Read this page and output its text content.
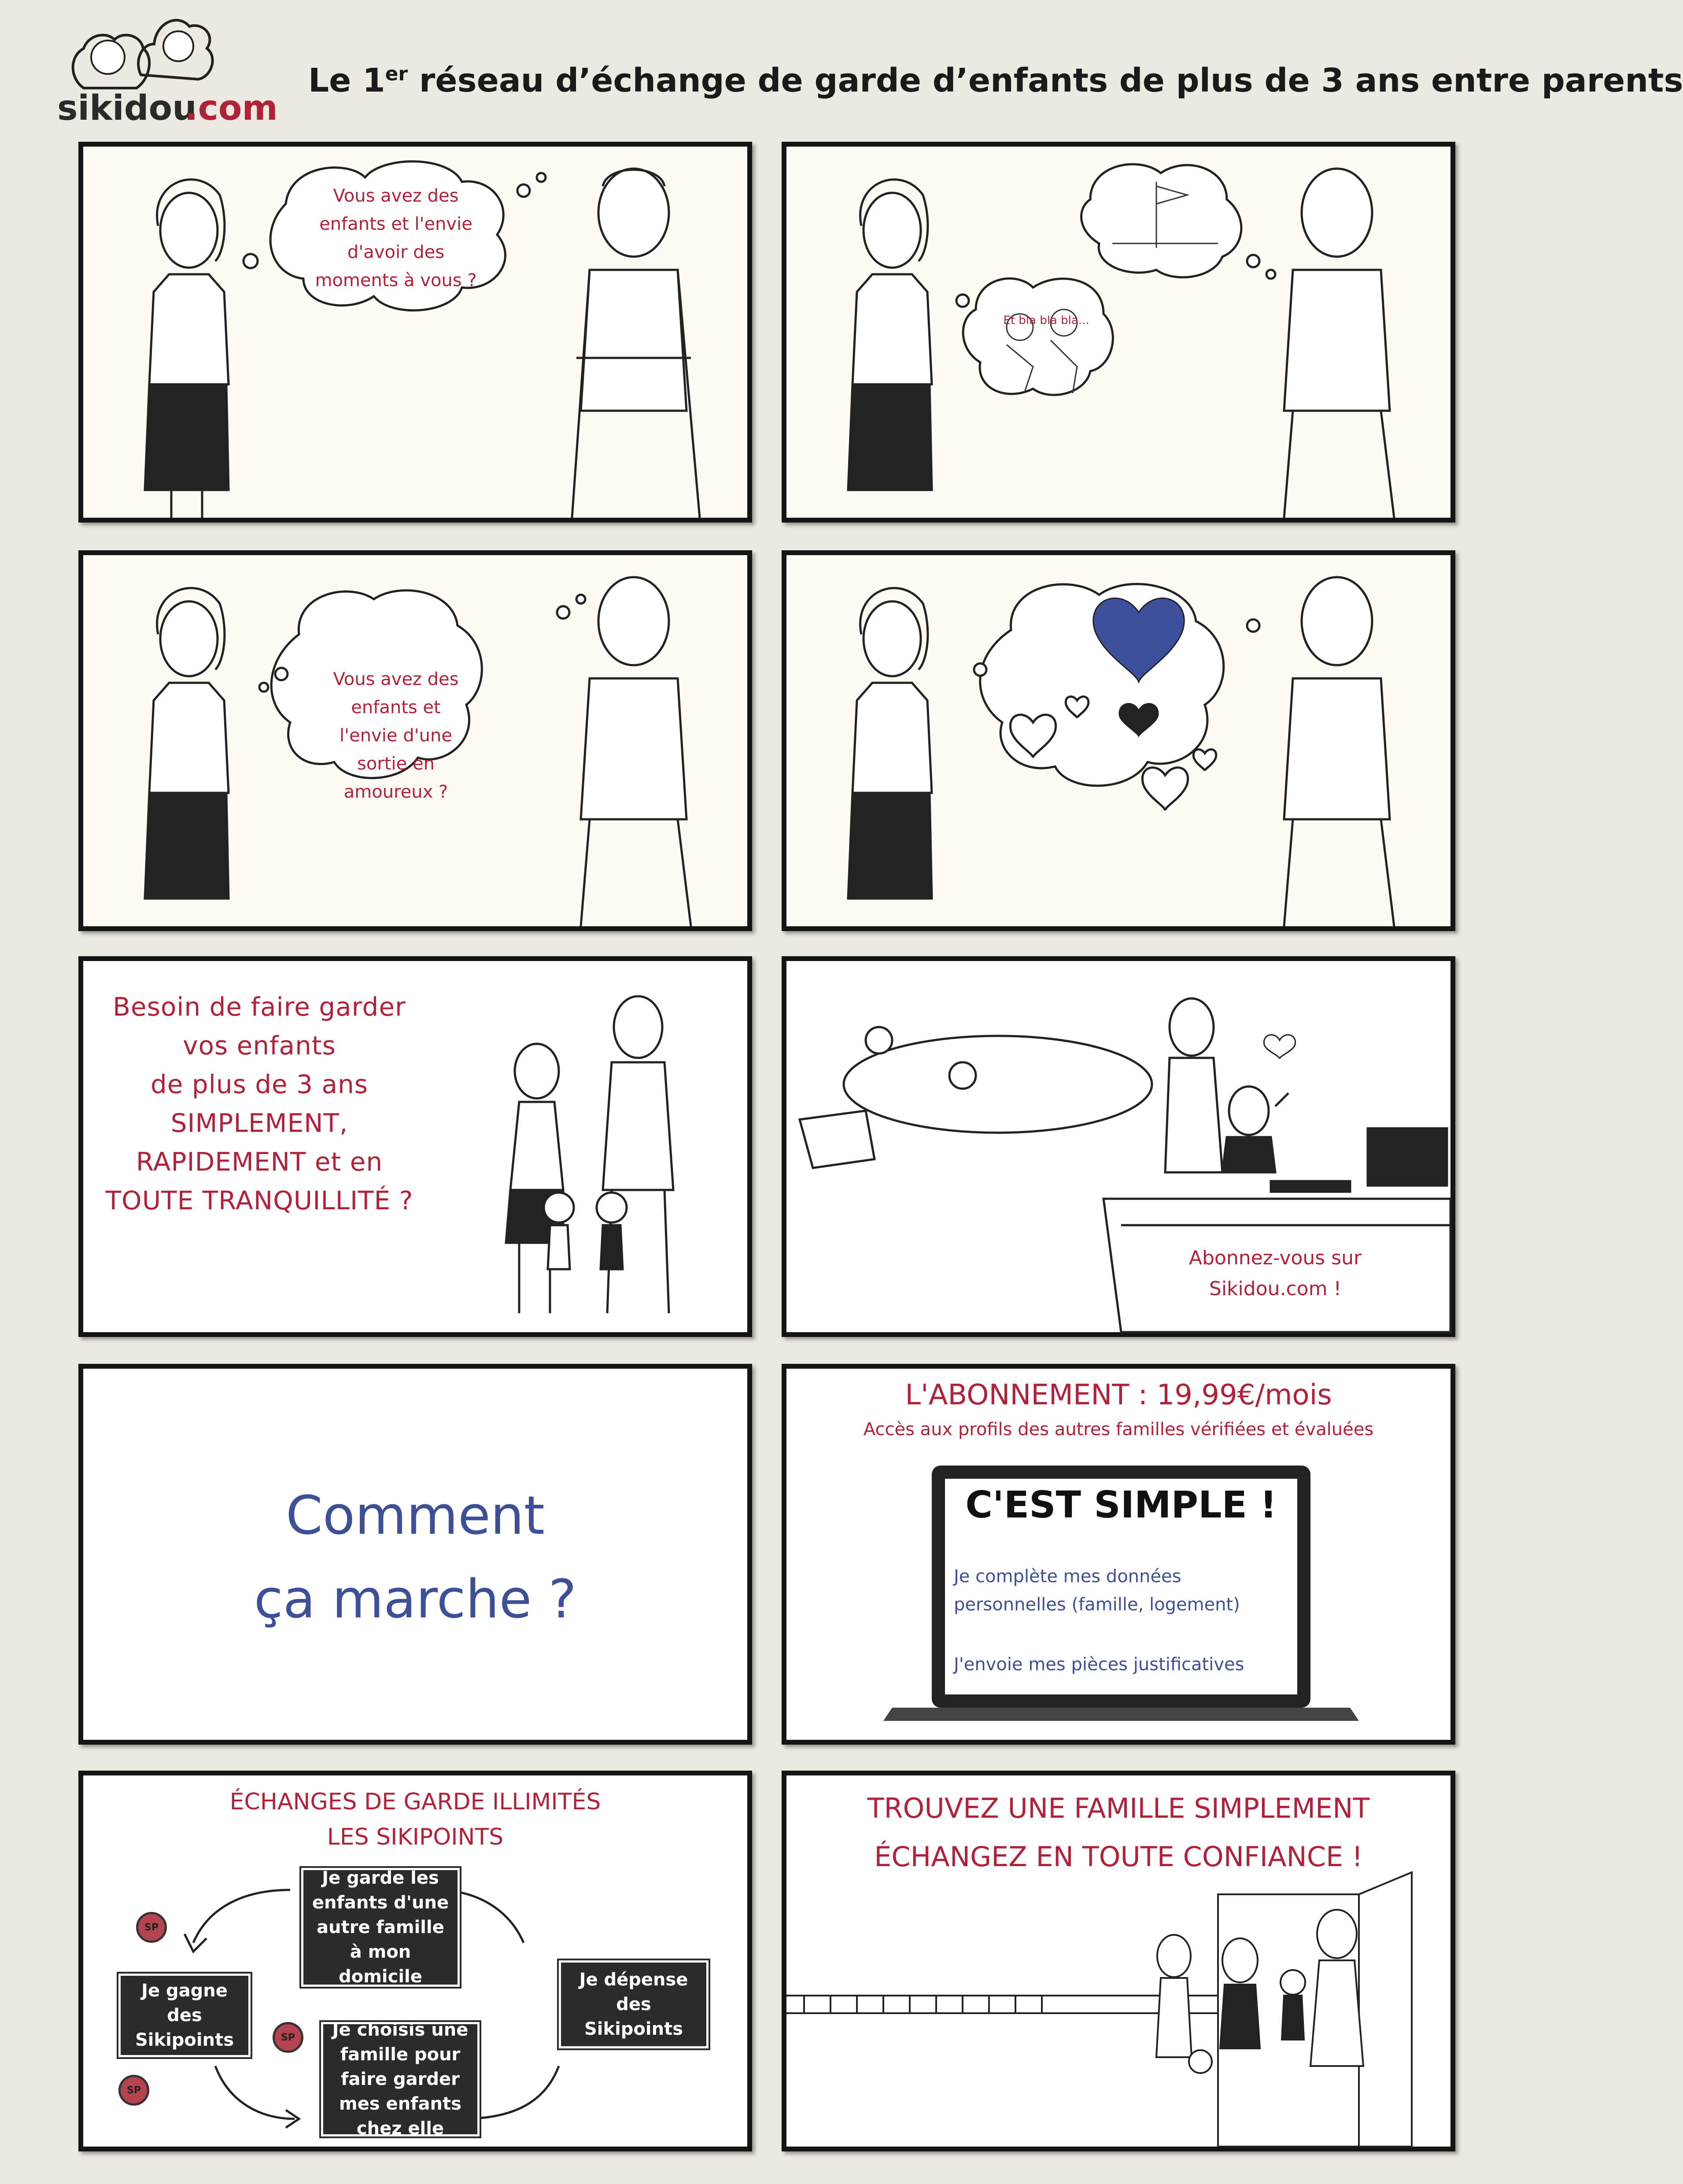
sikidou
.com
Le 1er réseau d’échange de garde d’enfants de plus de 3 ans entre parents
Vous avez des enfants et l'envie d'avoir des moments à vous ?
Et bla bla bla...
Vous avez des enfants et l'envie d'une sortie en amoureux ?
Besoin de faire garder
vos enfants
de plus de 3 ans
SIMPLEMENT,
RAPIDEMENT et en
TOUTE TRANQUILLITÉ ?
Abonnez-vous sur
Sikidou.com !
Comment
ça marche ?
L'ABONNEMENT : 19,99€/mois
Accès aux profils des autres familles vérifiées et évaluées
C'EST SIMPLE !
Je complète mes données personnelles (famille, logement)
J'envoie mes pièces justificatives
ÉCHANGES DE GARDE ILLIMITÉS
LES SIKIPOINTS
Je garde les enfants d'une autre famille à mon domicile
Je gagne des Sikipoints
Je dépense des Sikipoints
Je choisis une famille pour faire garder mes enfants chez elle
SP
SP
SP
TROUVEZ UNE FAMILLE SIMPLEMENT
ÉCHANGEZ EN TOUTE CONFIANCE !
